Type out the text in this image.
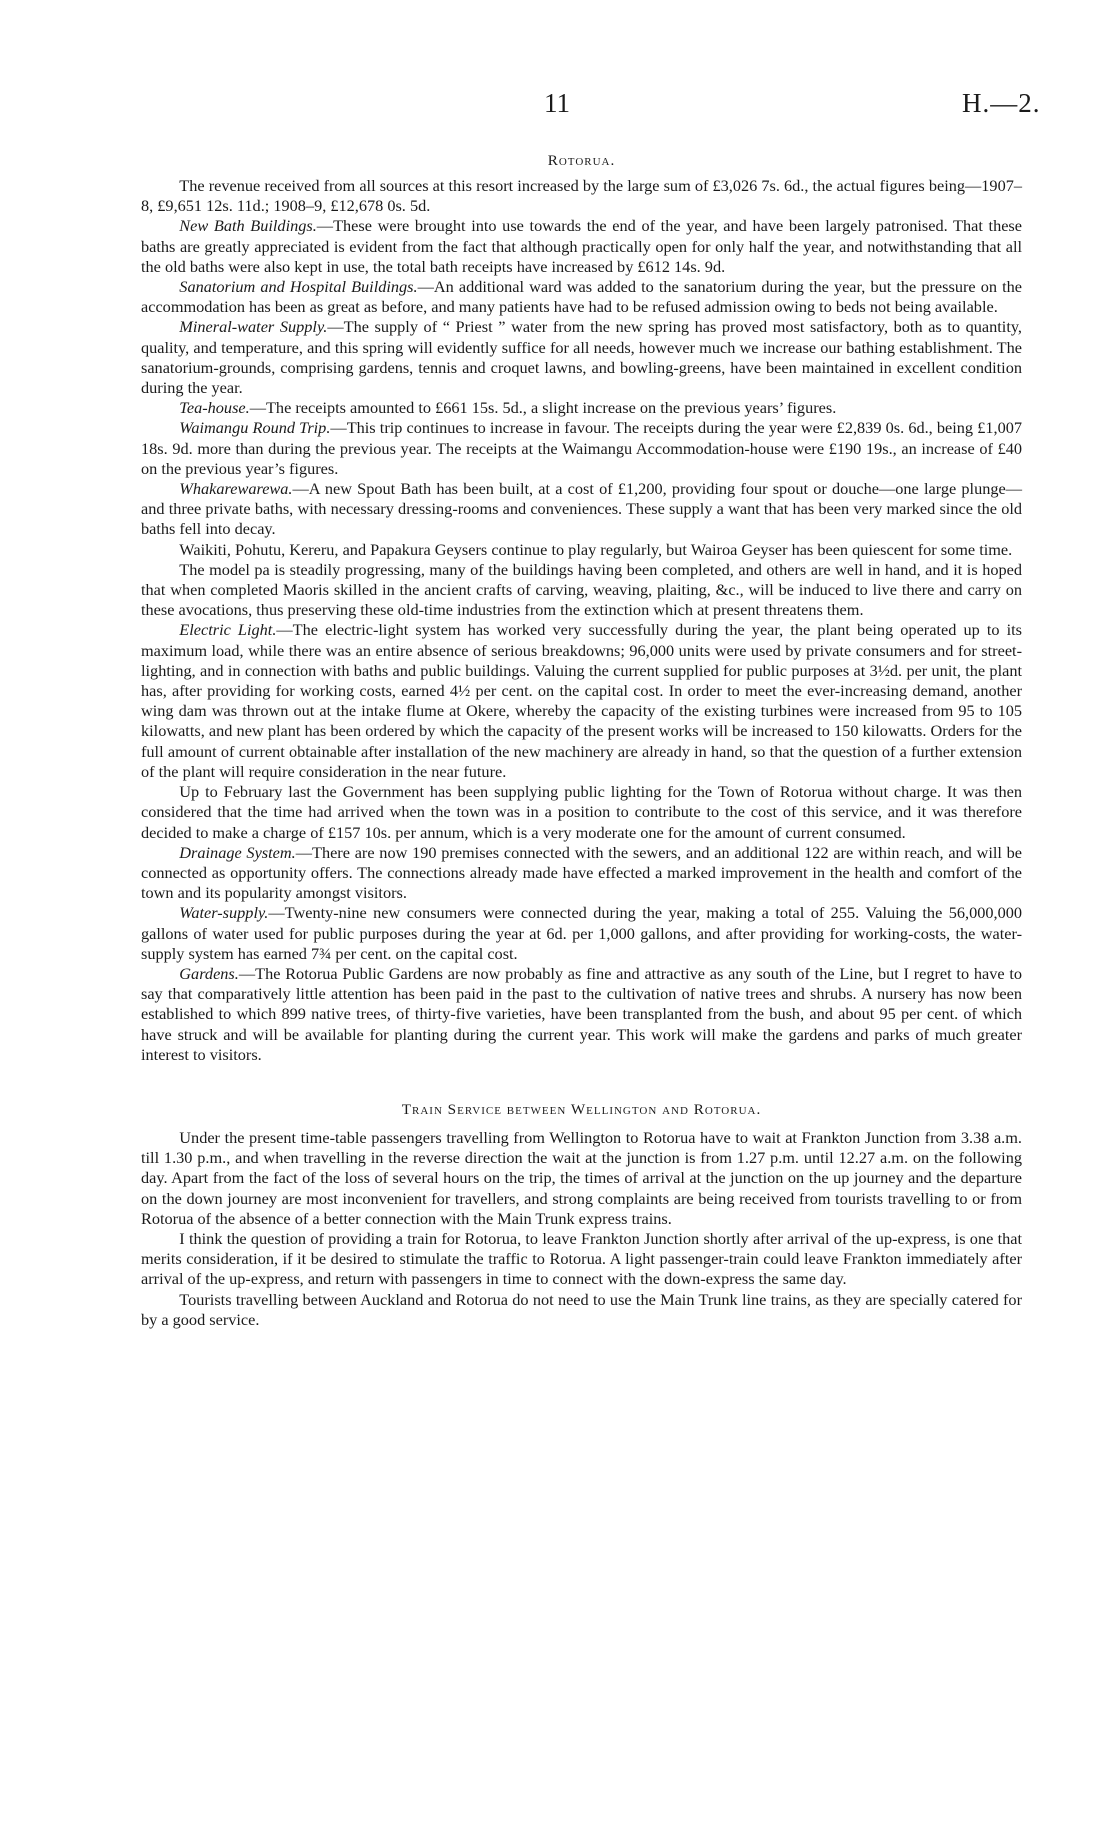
11	H.—2.
Rotorua.

The revenue received from all sources at this resort increased by the large sum of £3,026 7s. 6d., the actual figures being—1907–8, £9,651 12s. 11d.; 1908–9, £12,678 0s. 5d.

New Bath Buildings.—These were brought into use towards the end of the year, and have been largely patronised. That these baths are greatly appreciated is evident from the fact that although practically open for only half the year, and notwithstanding that all the old baths were also kept in use, the total bath receipts have increased by £612 14s. 9d.

Sanatorium and Hospital Buildings.—An additional ward was added to the sanatorium during the year, but the pressure on the accommodation has been as great as before, and many patients have had to be refused admission owing to beds not being available.

Mineral-water Supply.—The supply of “ Priest ” water from the new spring has proved most satisfactory, both as to quantity, quality, and temperature, and this spring will evidently suffice for all needs, however much we increase our bathing establishment. The sanatorium-grounds, comprising gardens, tennis and croquet lawns, and bowling-greens, have been maintained in excellent condition during the year.

Tea-house.—The receipts amounted to £661 15s. 5d., a slight increase on the previous years’ figures.

Waimangu Round Trip.—This trip continues to increase in favour. The receipts during the year were £2,839 0s. 6d., being £1,007 18s. 9d. more than during the previous year. The receipts at the Waimangu Accommodation-house were £190 19s., an increase of £40 on the previous year’s figures.

Whakarewarewa.—A new Spout Bath has been built, at a cost of £1,200, providing four spout or douche—one large plunge—and three private baths, with necessary dressing-rooms and conveniences. These supply a want that has been very marked since the old baths fell into decay.

Waikiti, Pohutu, Kereru, and Papakura Geysers continue to play regularly, but Wairoa Geyser has been quiescent for some time.

The model pa is steadily progressing, many of the buildings having been completed, and others are well in hand, and it is hoped that when completed Maoris skilled in the ancient crafts of carving, weaving, plaiting, &c., will be induced to live there and carry on these avocations, thus preserving these old-time industries from the extinction which at present threatens them.

Electric Light.—The electric-light system has worked very successfully during the year, the plant being operated up to its maximum load, while there was an entire absence of serious breakdowns; 96,000 units were used by private consumers and for street-lighting, and in connection with baths and public buildings. Valuing the current supplied for public purposes at 3½d. per unit, the plant has, after providing for working costs, earned 4½ per cent. on the capital cost. In order to meet the ever-increasing demand, another wing dam was thrown out at the intake flume at Okere, whereby the capacity of the existing turbines were increased from 95 to 105 kilowatts, and new plant has been ordered by which the capacity of the present works will be increased to 150 kilowatts. Orders for the full amount of current obtainable after installation of the new machinery are already in hand, so that the question of a further extension of the plant will require consideration in the near future.

Up to February last the Government has been supplying public lighting for the Town of Rotorua without charge. It was then considered that the time had arrived when the town was in a position to contribute to the cost of this service, and it was therefore decided to make a charge of £157 10s. per annum, which is a very moderate one for the amount of current consumed.

Drainage System.—There are now 190 premises connected with the sewers, and an additional 122 are within reach, and will be connected as opportunity offers. The connections already made have effected a marked improvement in the health and comfort of the town and its popularity amongst visitors.

Water-supply.—Twenty-nine new consumers were connected during the year, making a total of 255. Valuing the 56,000,000 gallons of water used for public purposes during the year at 6d. per 1,000 gallons, and after providing for working-costs, the water-supply system has earned 7¾ per cent. on the capital cost.

Gardens.—The Rotorua Public Gardens are now probably as fine and attractive as any south of the Line, but I regret to have to say that comparatively little attention has been paid in the past to the cultivation of native trees and shrubs. A nursery has now been established to which 899 native trees, of thirty-five varieties, have been transplanted from the bush, and about 95 per cent. of which have struck and will be available for planting during the current year. This work will make the gardens and parks of much greater interest to visitors.

Train Service between Wellington and Rotorua.

Under the present time-table passengers travelling from Wellington to Rotorua have to wait at Frankton Junction from 3.38 a.m. till 1.30 p.m., and when travelling in the reverse direction the wait at the junction is from 1.27 p.m. until 12.27 a.m. on the following day. Apart from the fact of the loss of several hours on the trip, the times of arrival at the junction on the up journey and the departure on the down journey are most inconvenient for travellers, and strong complaints are being received from tourists travelling to or from Rotorua of the absence of a better connection with the Main Trunk express trains.

I think the question of providing a train for Rotorua, to leave Frankton Junction shortly after arrival of the up-express, is one that merits consideration, if it be desired to stimulate the traffic to Rotorua. A light passenger-train could leave Frankton immediately after arrival of the up-express, and return with passengers in time to connect with the down-express the same day.

Tourists travelling between Auckland and Rotorua do not need to use the Main Trunk line trains, as they are specially catered for by a good service.
